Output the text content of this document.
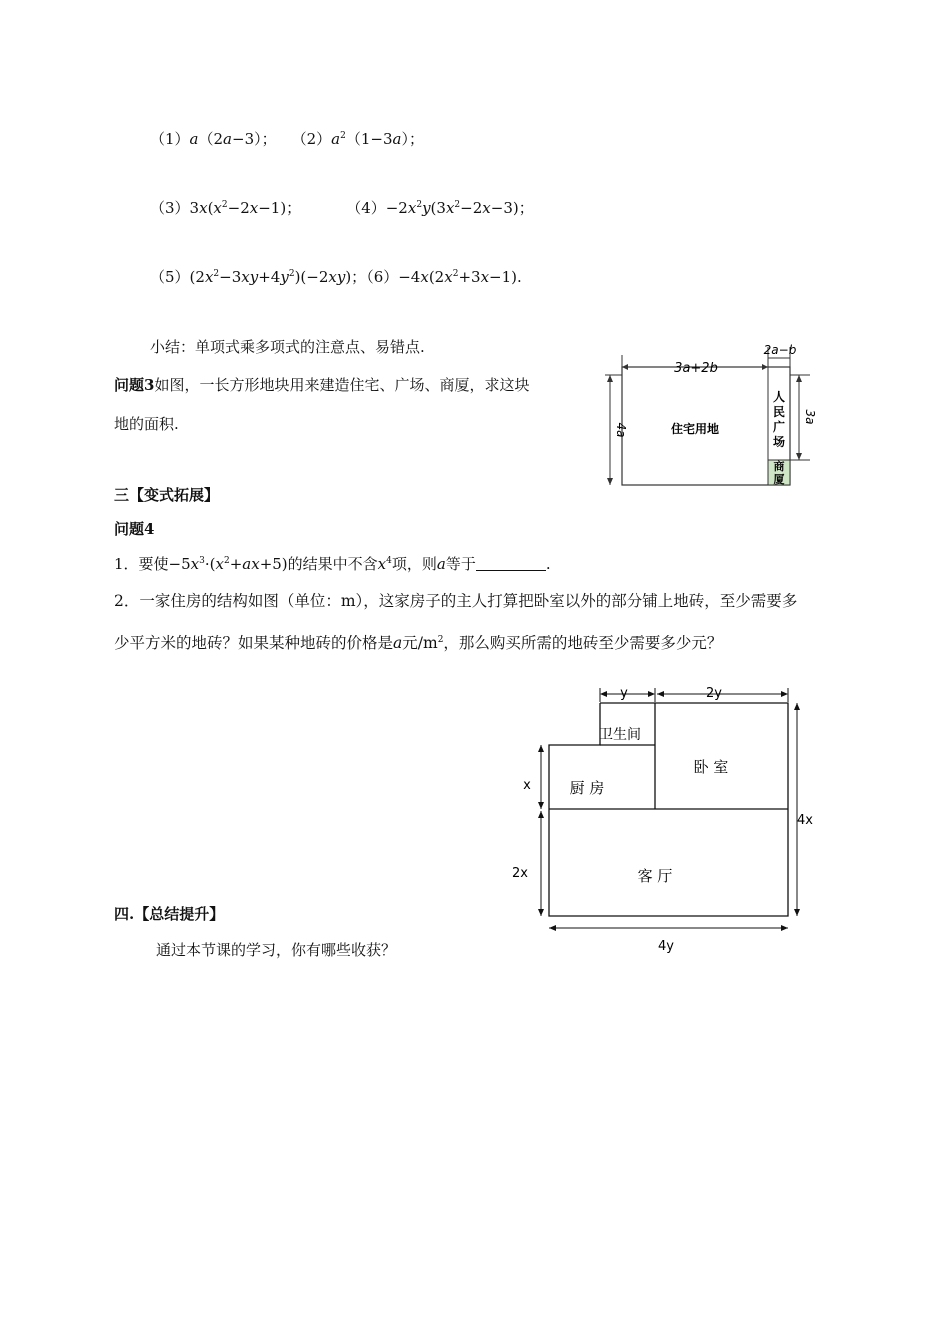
（1）a（2a−3）；　　$(2)a^2(1-3a)$；
$(3)3x(x^2-2x-1)$；　　　　$(4)-2x^2y(3x^2-2x-3)$；
$(5)(2x^2-3xy+4y^2)(-2xy)$；$(6)-4x(2x^2+3x-1)$.
小结：单项式乘多项式的注意点、易错点.
问题3如图，一长方形地块用来建造住宅、广场、商厦，求这块
地的面积.
3a+2b
2a−b
4a
3a
住宅用地
人民广场
商厦
三【变式拓展】
问题4
1．要使$-5x^3\cdot(x^2+ax+5)$的结果中不含$x^4$项，则a等于	.
2．一家住房的结构如图（单位：m），这家房子的主人打算把卧室以外的部分铺上地砖，至少需要多
少平方米的地砖？如果某种地砖的价格是a元$/m^2$，那么购买所需的地砖至少需要多少元？
y	2y
卫生间
卧 室
厨 房
客 厅
x
2x
4x
4y
四.【总结提升】
通过本节课的学习，你有哪些收获？
